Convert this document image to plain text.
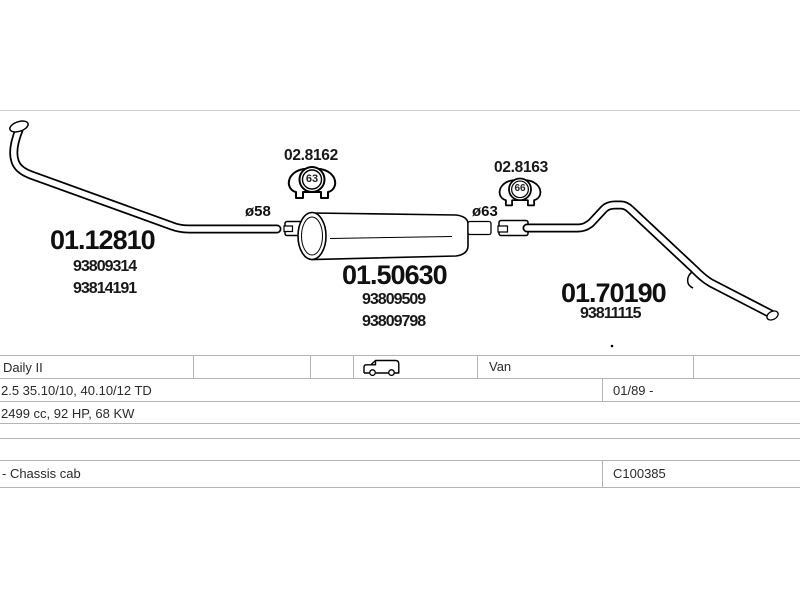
63
66
01.12810
93809314
93814191
02.8162
ø58
01.50630
93809509
93809798
02.8163
ø63
01.70190
93811115
Daily II	Van
2.5 35.10/10, 40.10/12 TD	01/89 -
2499 cc, 92 HP, 68 KW
- Chassis cab	C100385
